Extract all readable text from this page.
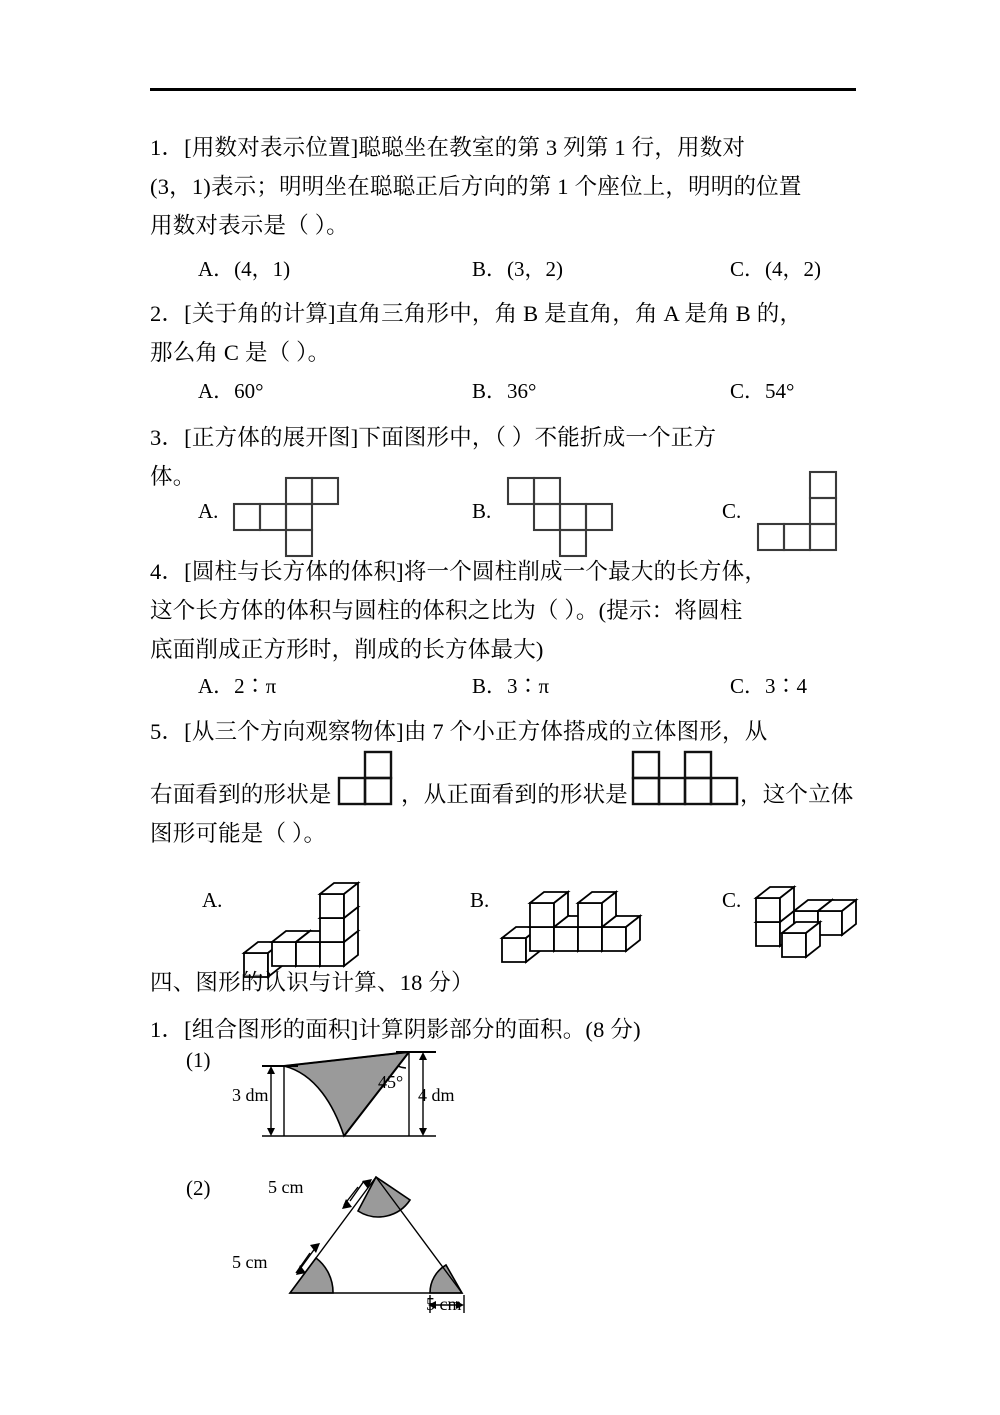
1．[用数对表示位置]聪聪坐在教室的第 3 列第 1 行，用数对
(3，1)表示；明明坐在聪聪正后方向的第 1 个座位上，明明的位置
用数对表示是（ ）。
A．(4，1)	B．(3，2)	C．(4，2)
2．[关于角的计算]直角三角形中，角 B 是直角，角 A 是角 B 的，
那么角 C 是（ ）。
A．60°	B．36°	C．54°
3．[正方体的展开图]下面图形中，（ ）不能折成一个正方
体。
A.	B.	C.
4．[圆柱与长方体的体积]将一个圆柱削成一个最大的长方体，
这个长方体的体积与圆柱的体积之比为（ ）。(提示：将圆柱
底面削成正方形时，削成的长方体最大)
A．2∶π	B．3∶π	C．3∶4
5．[从三个方向观察物体]由 7 个小正方体搭成的立体图形，从
右面看到的形状是	，从正面看到的形状是	，这个立体
图形可能是（ ）。
A.	B.	C.
四、图形的认识与计算、18 分）
1．[组合图形的面积]计算阴影部分的面积。(8 分)
(1)
3 dm	4 dm
45°
(2)	5 cm
5 cm
5 cm
